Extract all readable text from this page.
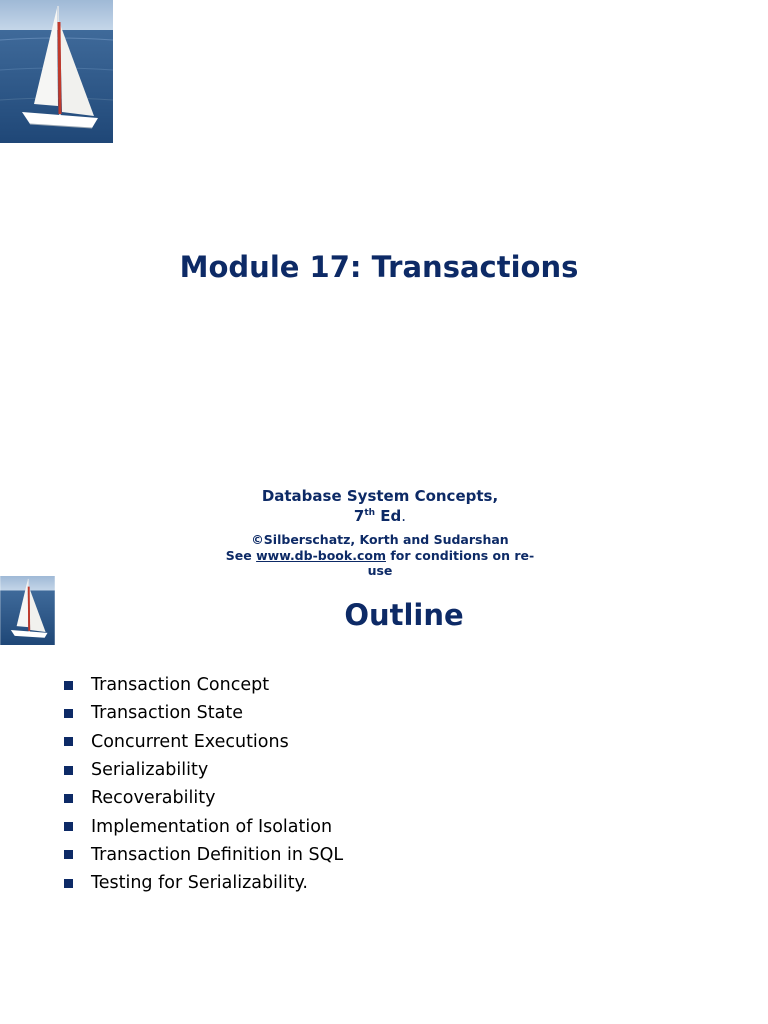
Module 17: Transactions
Database System Concepts,
7th Ed.
©Silberschatz, Korth and Sudarshan
See www.db-book.com for conditions on re-use
Outline
Transaction Concept
Transaction State
Concurrent Executions
Serializability
Recoverability
Implementation of Isolation
Transaction Definition in SQL
Testing for Serializability.
